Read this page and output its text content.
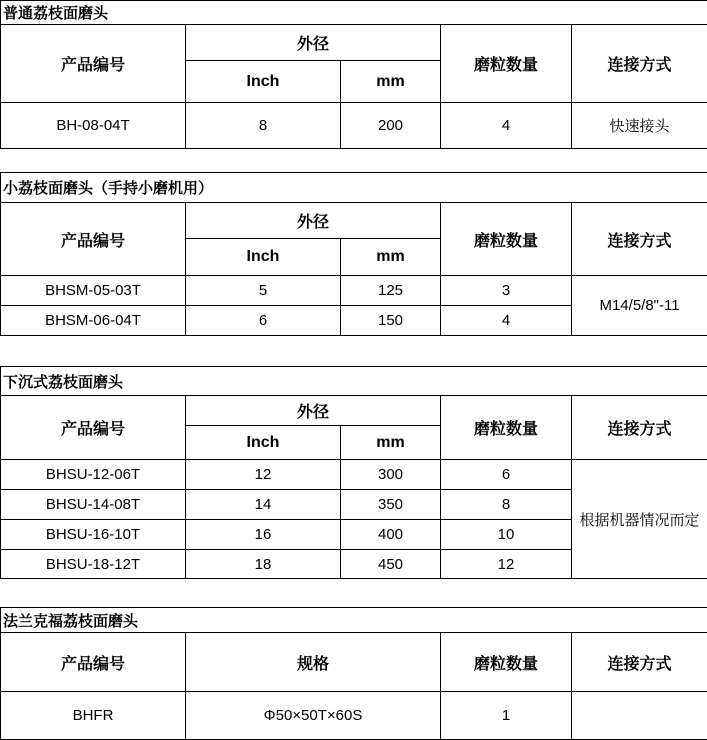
普通荔枝面磨头				
产品编号	外径		磨粒数量	连接方式
	Inch	mm		
BH-08-04T	8	200	4	快速接头
小荔枝面磨头（手持小磨机用）				
产品编号	外径		磨粒数量	连接方式
	Inch	mm		
BHSM-05-03T	5	125	3	M14/5/8"-11
BHSM-06-04T	6	150	4	
下沉式荔枝面磨头				
产品编号	外径		磨粒数量	连接方式
	Inch	mm		
BHSU-12-06T	12	300	6	根据机器情况而定
BHSU-14-08T	14	350	8	
BHSU-16-10T	16	400	10	
BHSU-18-12T	18	450	12	
法兰克福荔枝面磨头			
产品编号	规格	磨粒数量	连接方式
BHFR	Φ50×50T×60S	1	
